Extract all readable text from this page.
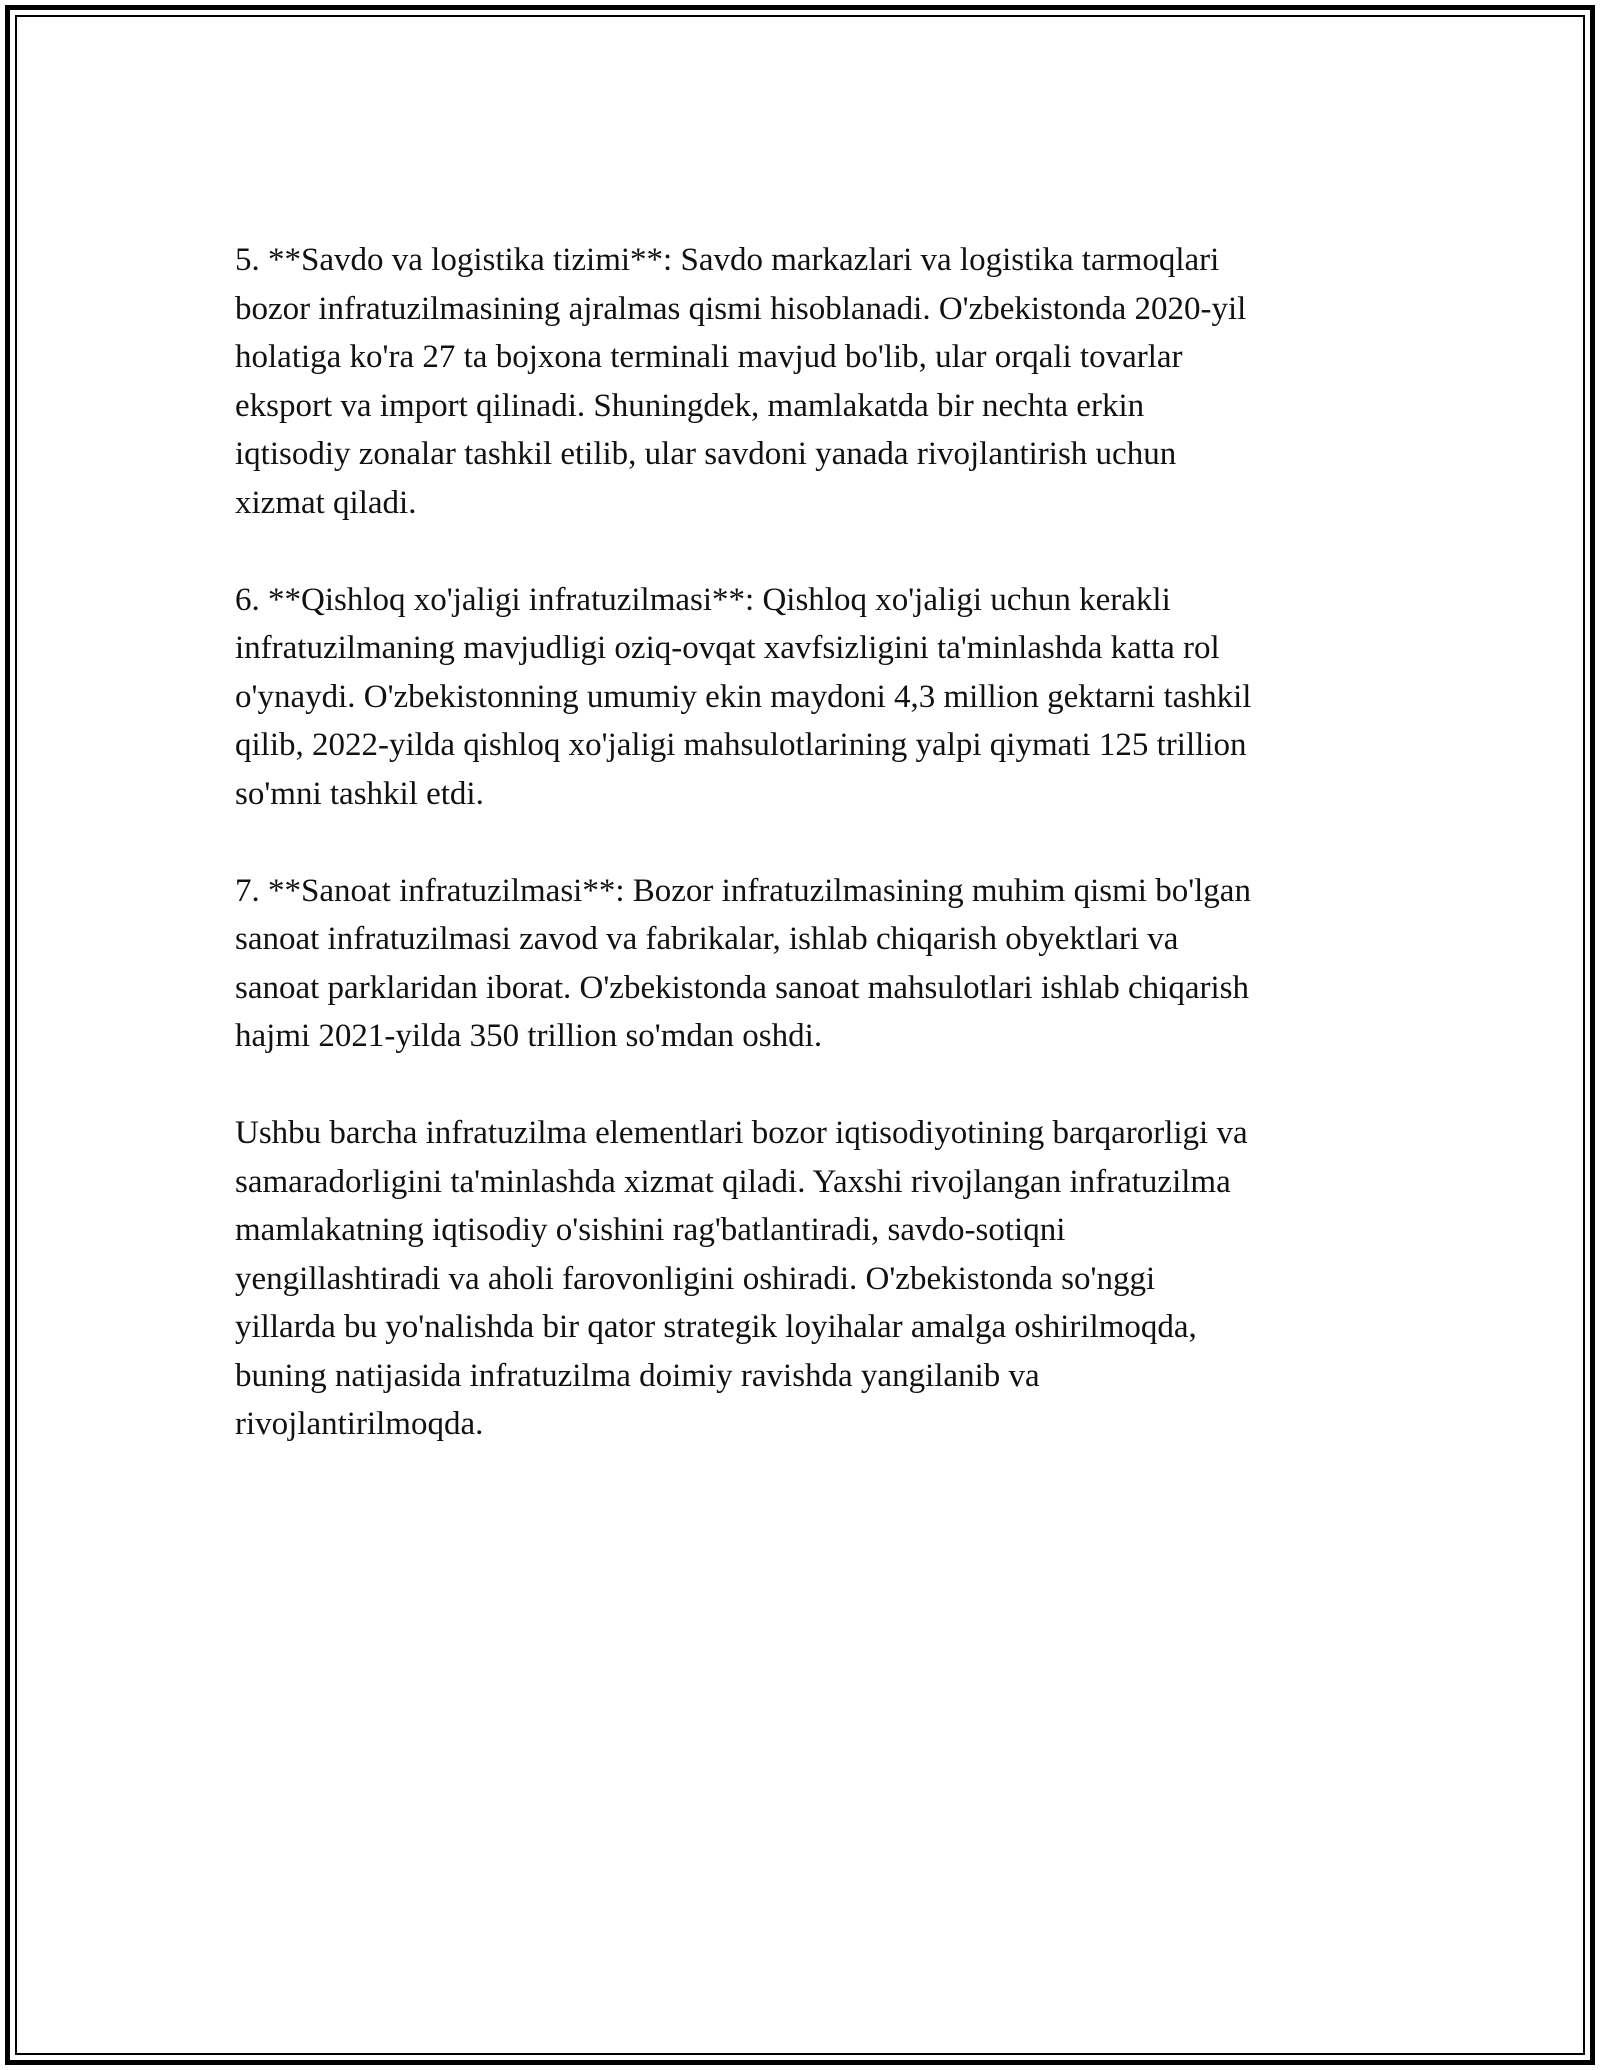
5. **Savdo va logistika tizimi**: Savdo markazlari va logistika tarmoqlari
bozor infratuzilmasining ajralmas qismi hisoblanadi. O'zbekistonda 2020-yil
holatiga ko'ra 27 ta bojxona terminali mavjud bo'lib, ular orqali tovarlar
eksport va import qilinadi. Shuningdek, mamlakatda bir nechta erkin
iqtisodiy zonalar tashkil etilib, ular savdoni yanada rivojlantirish uchun
xizmat qiladi.

6. **Qishloq xo'jaligi infratuzilmasi**: Qishloq xo'jaligi uchun kerakli
infratuzilmaning mavjudligi oziq-ovqat xavfsizligini ta'minlashda katta rol
o'ynaydi. O'zbekistonning umumiy ekin maydoni 4,3 million gektarni tashkil
qilib, 2022-yilda qishloq xo'jaligi mahsulotlarining yalpi qiymati 125 trillion
so'mni tashkil etdi.

7. **Sanoat infratuzilmasi**: Bozor infratuzilmasining muhim qismi bo'lgan
sanoat infratuzilmasi zavod va fabrikalar, ishlab chiqarish obyektlari va
sanoat parklaridan iborat. O'zbekistonda sanoat mahsulotlari ishlab chiqarish
hajmi 2021-yilda 350 trillion so'mdan oshdi.

Ushbu barcha infratuzilma elementlari bozor iqtisodiyotining barqarorligi va
samaradorligini ta'minlashda xizmat qiladi. Yaxshi rivojlangan infratuzilma
mamlakatning iqtisodiy o'sishini rag'batlantiradi, savdo-sotiqni
yengillashtiradi va aholi farovonligini oshiradi. O'zbekistonda so'nggi
yillarda bu yo'nalishda bir qator strategik loyihalar amalga oshirilmoqda,
buning natijasida infratuzilma doimiy ravishda yangilanib va
rivojlantirilmoqda.
